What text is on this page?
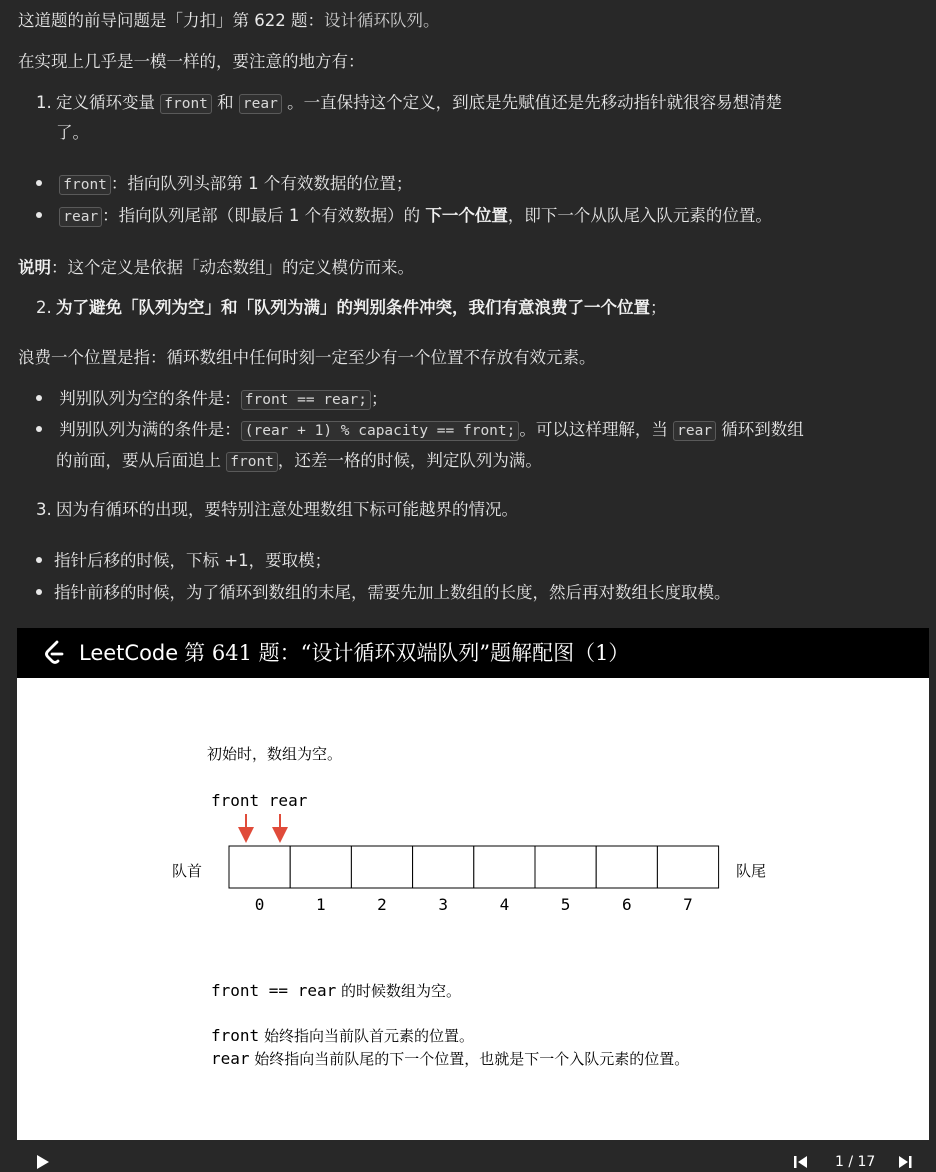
这道题的前导问题是「力扣」第 622 题：设计循环队列。
在实现上几乎是一模一样的，要注意的地方有：
1. 定义循环变量 front 和 rear 。一直保持这个定义，到底是先赋值还是先移动指针就很容易想清楚
了。
front ：指向队列头部第 1 个有效数据的位置；
rear ：指向队列尾部（即最后 1 个有效数据）的 下一个位置，即下一个从队尾入队元素的位置。
说明：这个定义是依据「动态数组」的定义模仿而来。
2. 为了避免「队列为空」和「队列为满」的判别条件冲突，我们有意浪费了一个位置；
浪费一个位置是指：循环数组中任何时刻一定至少有一个位置不存放有效元素。
判别队列为空的条件是： front == rear; ；
判别队列为满的条件是： (rear + 1) % capacity == front; 。可以这样理解，当 rear 循环到数组
的前面，要从后面追上 front ，还差一格的时候，判定队列为满。
3. 因为有循环的出现，要特别注意处理数组下标可能越界的情况。
指针后移的时候，下标 +1，要取模；
指针前移的时候，为了循环到数组的末尾，需要先加上数组的长度，然后再对数组长度取模。
LeetCode 第 641 题：“设计循环双端队列”题解配图（1）
初始时，数组为空。
front rear
队首	队尾
0	1	2	3	4	5	6	7
front == rear 的时候数组为空。
front 始终指向当前队首元素的位置。
rear 始终指向当前队尾的下一个位置，也就是下一个入队元素的位置。
1 / 17
